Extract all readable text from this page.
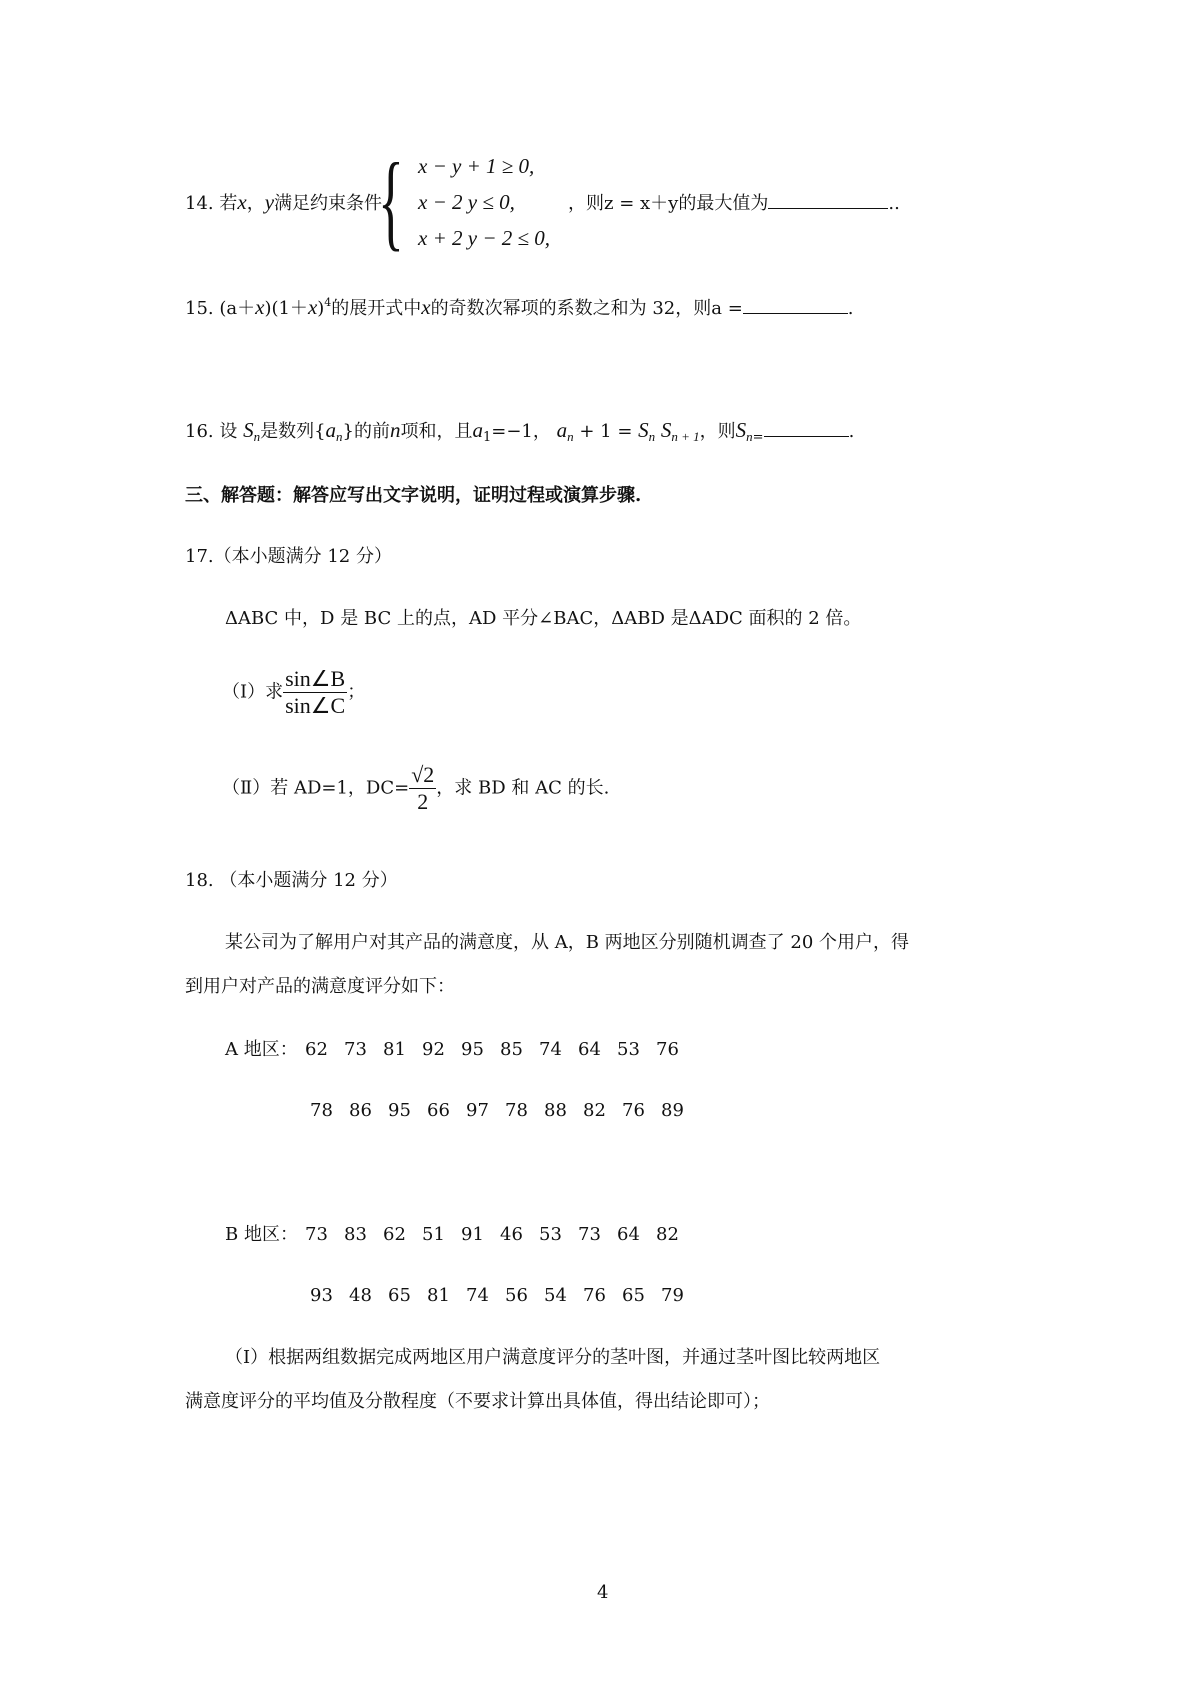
14. 若x，y满足约束条件
{ x − y + 1 ≥ 0,
x − 2 y ≤ 0,
x + 2 y − 2 ≤ 0,
，则z = x＋y的最大值为	..
15. $(a+x)(1+x)^4$的展开式中x的奇数次幂项的系数之和为 32，则a =	.
16. 设 $S_n$是数列$\{a_n\}$的前n项和，且$a_1=-1$， $a_n + 1 = S_n$ $S_{n + 1}$，则$S_{n=}$	.
三、解答题：解答应写出文字说明，证明过程或演算步骤.
17.（本小题满分 12 分）
ΔABC 中，D 是 BC 上的点，AD 平分∠BAC，ΔABD 是ΔADC 面积的 2 倍。
（Ⅰ）求 $\frac{\sin\angle B}{\sin\angle C}$ ；
（Ⅱ）若 AD=1，$DC= \frac{√2}{2}$ ，求 BD 和 AC 的长.
18. （本小题满分 12 分）
某公司为了解用户对其产品的满意度，从 A，B 两地区分别随机调查了 20 个用户，得
到用户对产品的满意度评分如下：
A 地区： 62 73 81 92 95 85 74 64 53 76
78 86 95 66 97 78 88 82 76 89
B 地区： 73 83 62 51 91 46 53 73 64 82
93 48 65 81 74 56 54 76 65 79
（Ⅰ）根据两组数据完成两地区用户满意度评分的茎叶图，并通过茎叶图比较两地区
满意度评分的平均值及分散程度（不要求计算出具体值，得出结论即可）；
4
